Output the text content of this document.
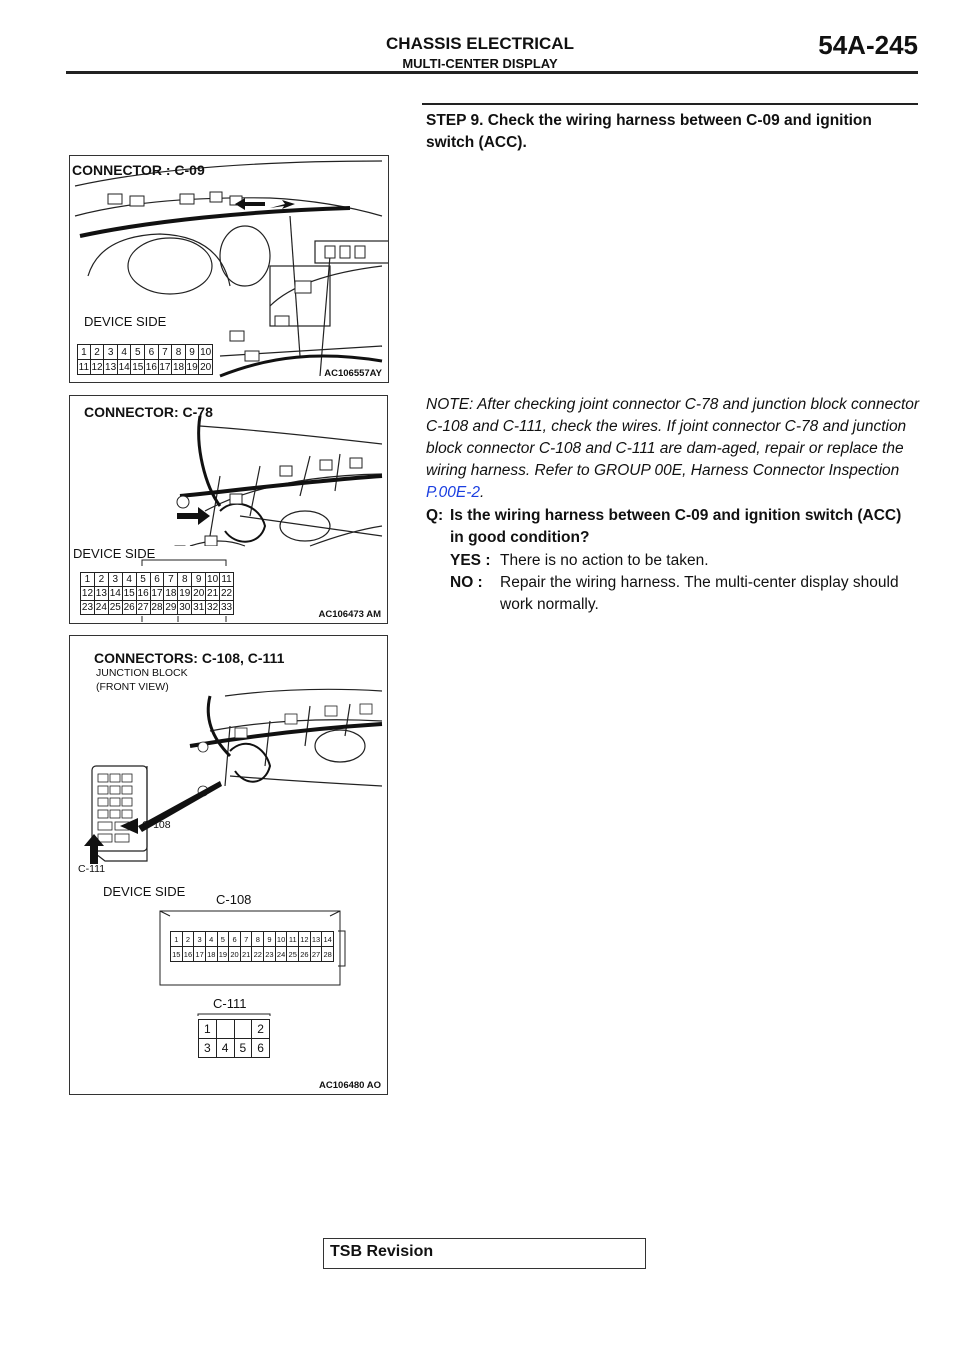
CHASSIS ELECTRICAL
MULTI-CENTER DISPLAY
54A-245
CONNECTOR : C-09
DEVICE SIDE
1	2	3	4	5	6	7	8	9	10
11	12	13	14	15	16	17	18	19	20
AC106557AY
CONNECTOR: C-78
DEVICE SIDE
1	2	3	4	5	6	7	8	9	10	11
12	13	14	15	16	17	18	19	20	21	22
23	24	25	26	27	28	29	30	31	32	33
AC106473 AM
CONNECTORS: C-108, C-111
JUNCTION BLOCK
(FRONT VIEW)
C-108
C-111
DEVICE SIDE
C-108
1	2	3	4	5	6	7	8	9	10	11	12	13	14
15	16	17	18	19	20	21	22	23	24	25	26	27	28
C-111
1			2
3	4	5	6
AC106480 AO
STEP 9. Check the wiring harness between C-09 and ignition switch (ACC).
NOTE: After checking joint connector C-78 and junction block connector C-108 and C-111, check the wires. If joint connector C-78 and junction block connector C-108 and C-111 are dam-aged, repair or replace the wiring harness. Refer to GROUP 00E, Harness Connector Inspection P.00E-2.
Q: Is the wiring harness between C-09 and ignition switch (ACC) in good condition?
YES : There is no action to be taken.
NO : Repair the wiring harness. The multi-center display should work normally.
TSB Revision
